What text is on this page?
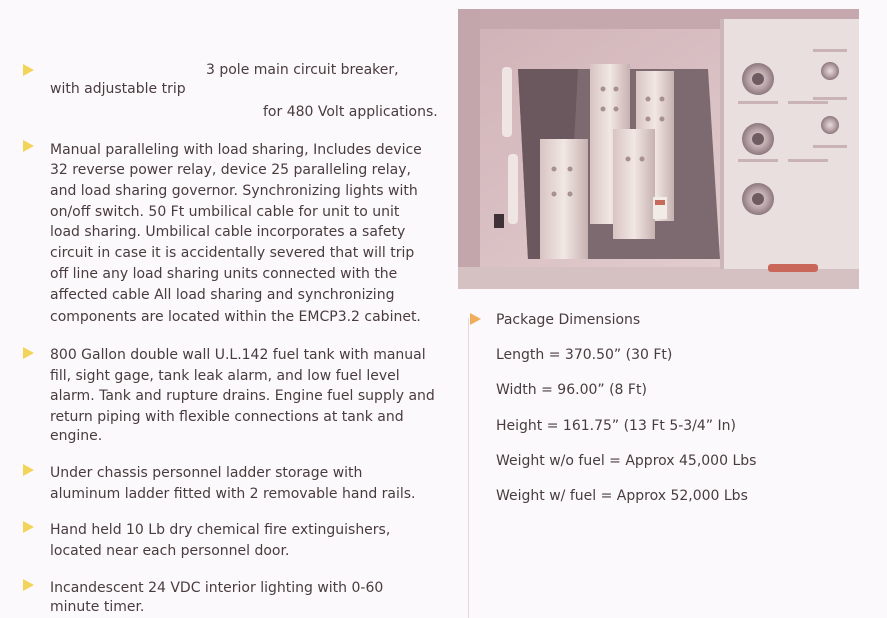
3 pole main circuit breaker,
with adjustable trip
for 480 Volt applications.
Manual paralleling with load sharing, Includes device
32 reverse power relay, device 25 paralleling relay,
and load sharing governor. Synchronizing lights with
on/off switch. 50 Ft umbilical cable for unit to unit
load sharing. Umbilical cable incorporates a safety
circuit in case it is accidentally severed that will trip
off line any load sharing units connected with the
affected cable All load sharing and synchronizing
components are located within the EMCP3.2 cabinet.
800 Gallon double wall U.L.142 fuel tank with manual
fill, sight gage, tank leak alarm, and low fuel level
alarm. Tank and rupture drains. Engine fuel supply and
return piping with flexible connections at tank and
engine.
Under chassis personnel ladder storage with
aluminum ladder fitted with 2 removable hand rails.
Hand held 10 Lb dry chemical fire extinguishers,
located near each personnel door.
Incandescent 24 VDC interior lighting with 0-60
minute timer.
Package Dimensions
Length = 370.50” (30 Ft)
Width = 96.00” (8 Ft)
Height = 161.75” (13 Ft 5-3/4” In)
Weight w/o fuel = Approx 45,000 Lbs
Weight w/ fuel = Approx 52,000 Lbs
